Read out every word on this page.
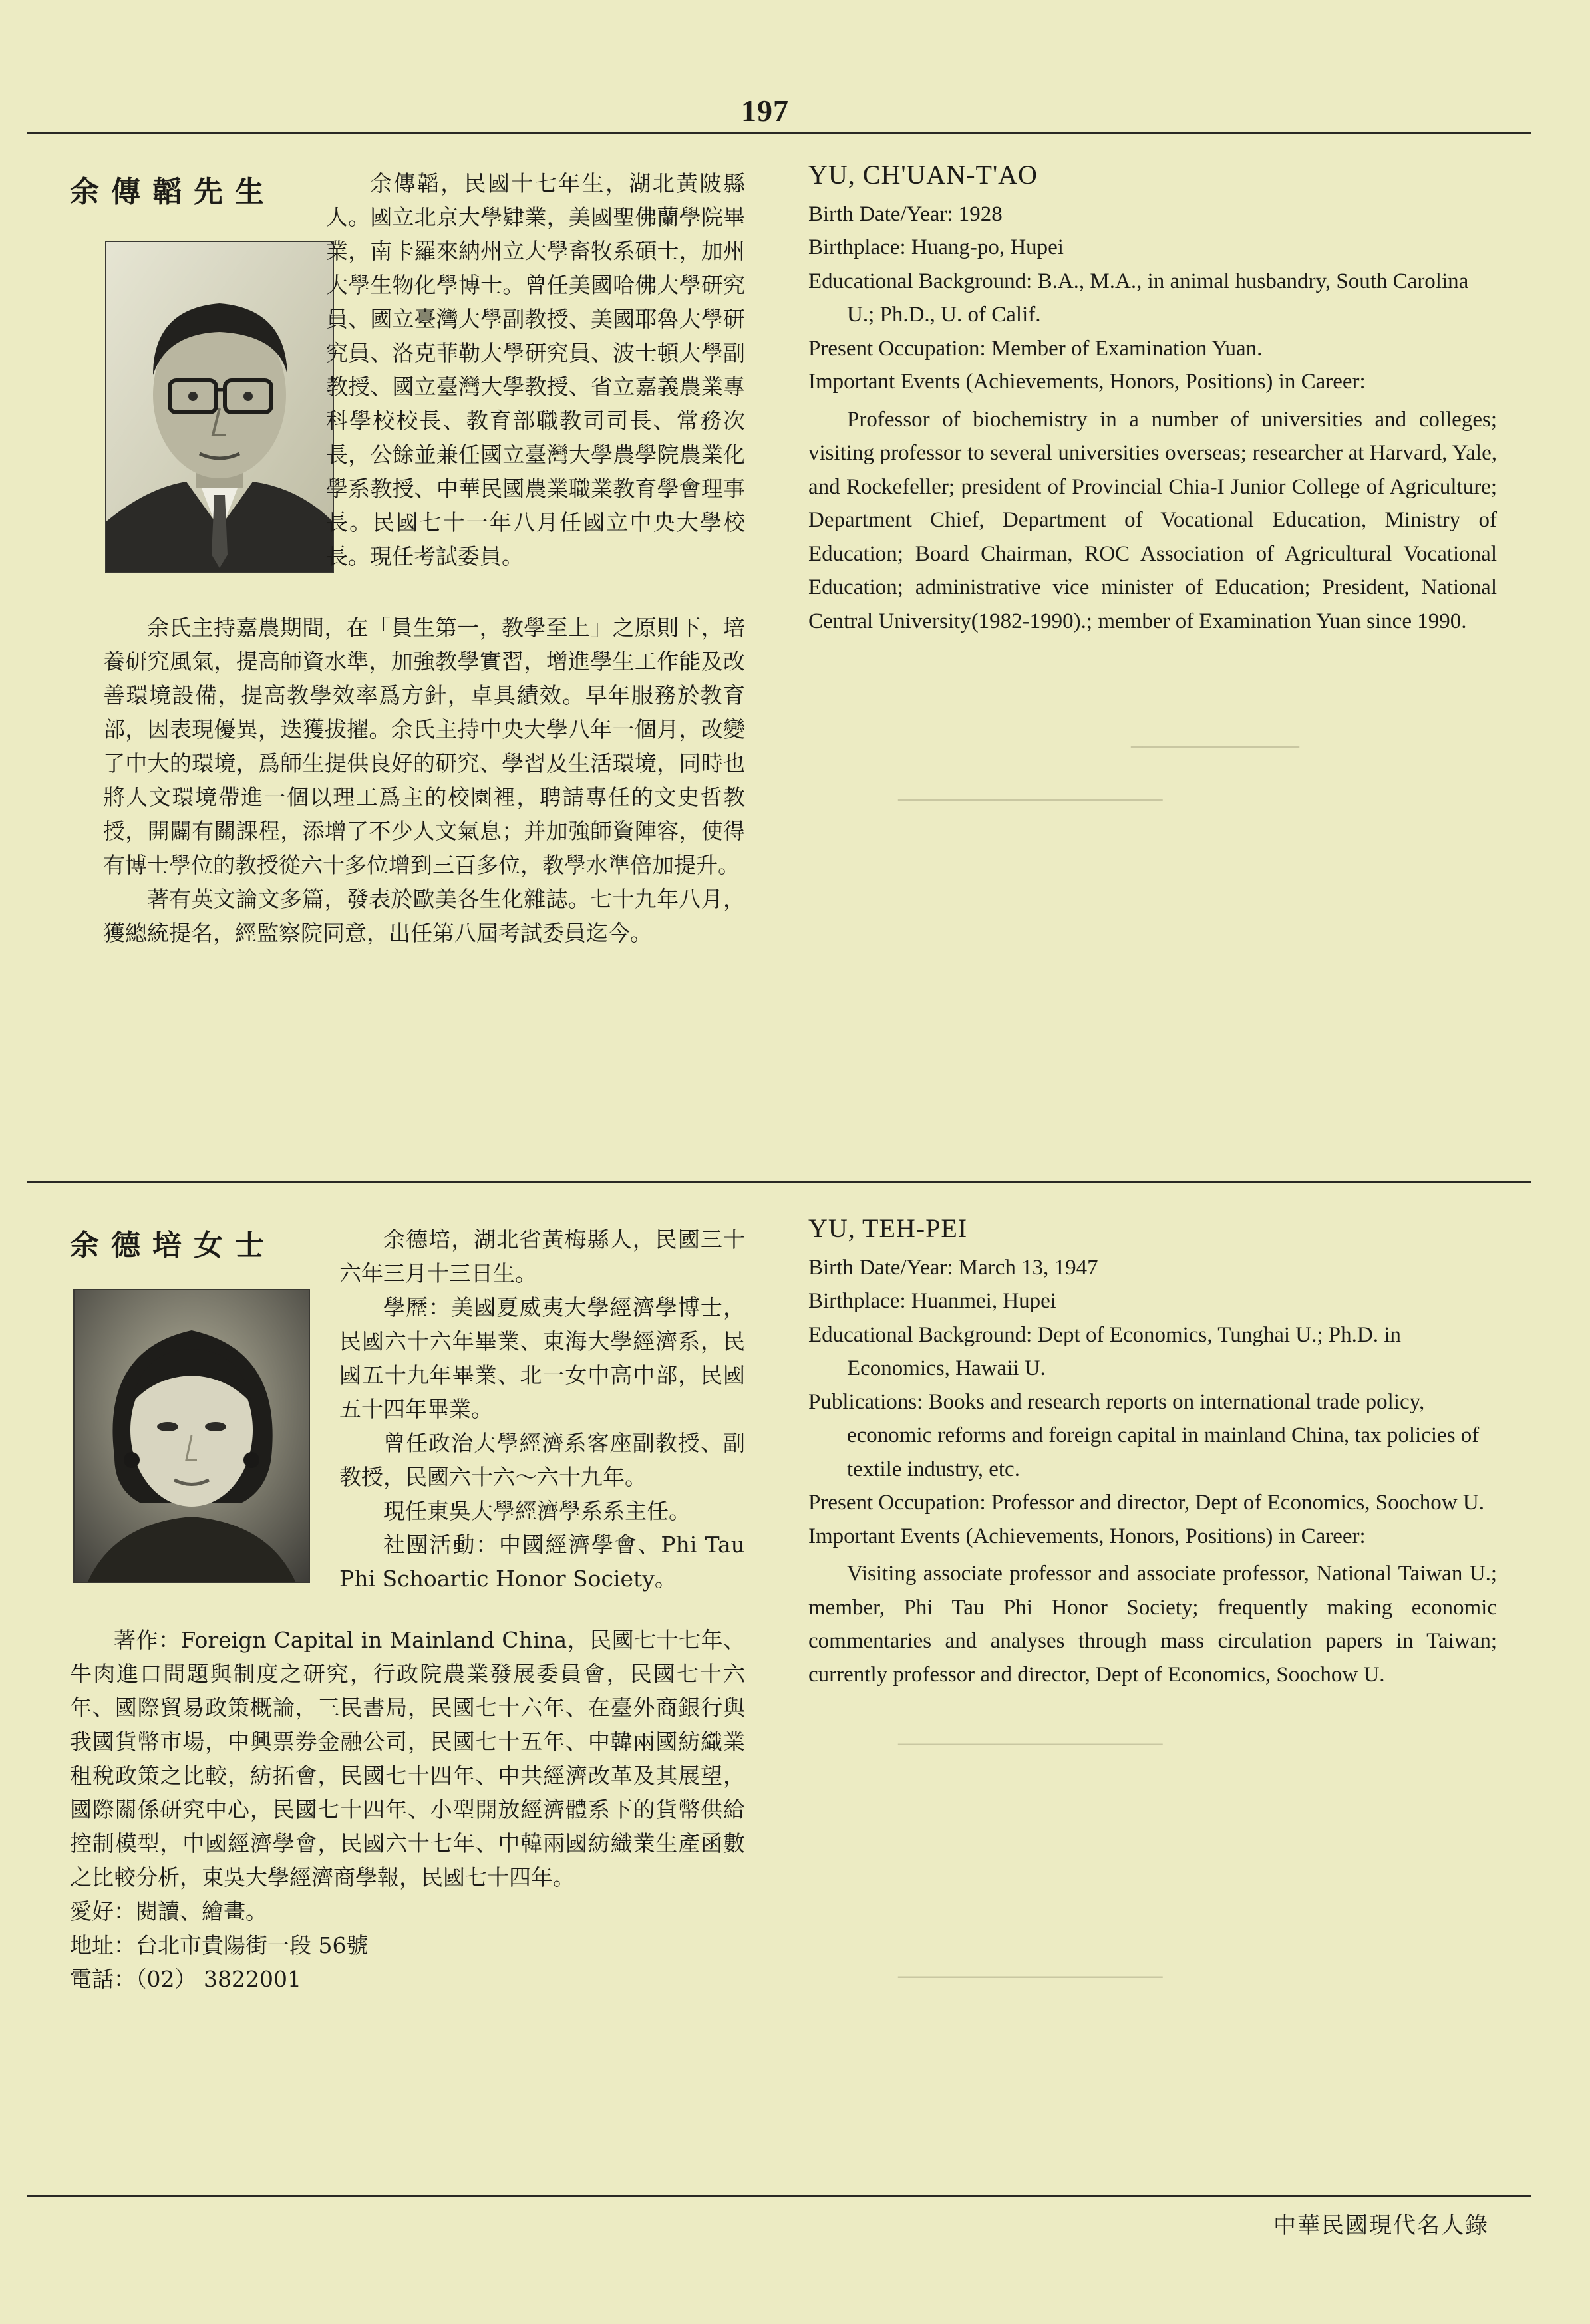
──────────────
──────────────────────
──────────────────────
──────────────────────
197
余傳韜先生	余傳韜，民國十七年生，湖北黃陂縣人。國立北京大學肄業，美國聖佛蘭學院畢業，南卡羅來納州立大學畜牧系碩士，加州大學生物化學博士。曾任美國哈佛大學研究員、國立臺灣大學副教授、美國耶魯大學研究員、洛克菲勒大學研究員、波士頓大學副教授、國立臺灣大學教授、省立嘉義農業專科學校校長、教育部職教司司長、常務次長，公餘並兼任國立臺灣大學農學院農業化學系教授、中華民國農業職業教育學會理事長。民國七十一年八月任國立中央大學校長。現任考試委員。

余氏主持嘉農期間，在「員生第一，教學至上」之原則下，培養研究風氣，提高師資水準，加強教學實習，增進學生工作能及改善環境設備，提高教學效率爲方針，卓具績效。早年服務於教育部，因表現優異，迭獲拔擢。余氏主持中央大學八年一個月，改變了中大的環境，爲師生提供良好的研究、學習及生活環境，同時也將人文環境帶進一個以理工爲主的校園裡，聘請專任的文史哲教授，開闢有關課程，添增了不少人文氣息；并加強師資陣容，使得有博士學位的教授從六十多位增到三百多位，教學水準倍加提升。

著有英文論文多篇，發表於歐美各生化雜誌。七十九年八月，獲總統提名，經監察院同意，出任第八屆考試委員迄今。

YU, CH'UAN-T'AO

Birth Date/Year: 1928

Birthplace: Huang-po, Hupei

Educational Background: B.A., M.A., in animal husbandry, South Carolina U.; Ph.D., U. of Calif.

Present Occupation: Member of Examination Yuan.

Important Events (Achievements, Honors, Positions) in Career:

Professor of biochemistry in a number of universities and colleges; visiting professor to several universities overseas; researcher at Harvard, Yale, and Rockefeller; president of Provincial Chia-I Junior College of Agriculture; Department Chief, Department of Vocational Education, Ministry of Education; Board Chairman, ROC Association of Agricultural Vocational Education; administrative vice minister of Education; President, National Central University(1982-1990).; member of Examination Yuan since 1990.

余德培女士	余德培，湖北省黃梅縣人，民國三十六年三月十三日生。

學歷：美國夏威夷大學經濟學博士，民國六十六年畢業、東海大學經濟系，民國五十九年畢業、北一女中高中部，民國五十四年畢業。

曾任政治大學經濟系客座副教授、副教授，民國六十六～六十九年。

現任東吳大學經濟學系系主任。

社團活動：中國經濟學會、Phi Tau Phi Schoartic Honor Society。

著作：Foreign Capital in Mainland China，民國七十七年、牛肉進口問題與制度之研究，行政院農業發展委員會，民國七十六年、國際貿易政策概論，三民書局，民國七十六年、在臺外商銀行與我國貨幣市場，中興票券金融公司，民國七十五年、中韓兩國紡織業租稅政策之比較，紡拓會，民國七十四年、中共經濟改革及其展望，國際關係研究中心，民國七十四年、小型開放經濟體系下的貨幣供給控制模型，中國經濟學會，民國六十七年、中韓兩國紡織業生產函數之比較分析，東吳大學經濟商學報，民國七十四年。

愛好：閱讀、繪畫。

地址：台北市貴陽街一段 56號

電話：（02） 3822001

YU, TEH-PEI

Birth Date/Year: March 13, 1947

Birthplace: Huanmei, Hupei

Educational Background: Dept of Economics, Tunghai U.; Ph.D. in Economics, Hawaii U.

Publications: Books and research reports on international trade policy, economic reforms and foreign capital in mainland China, tax policies of textile industry, etc.

Present Occupation: Professor and director, Dept of Economics, Soochow U.

Important Events (Achievements, Honors, Positions) in Career:

Visiting associate professor and associate professor, National Taiwan U.; member, Phi Tau Phi Honor Society; frequently making economic commentaries and analyses through mass circulation papers in Taiwan; currently professor and director, Dept of Economics, Soochow U.

中華民國現代名人錄
